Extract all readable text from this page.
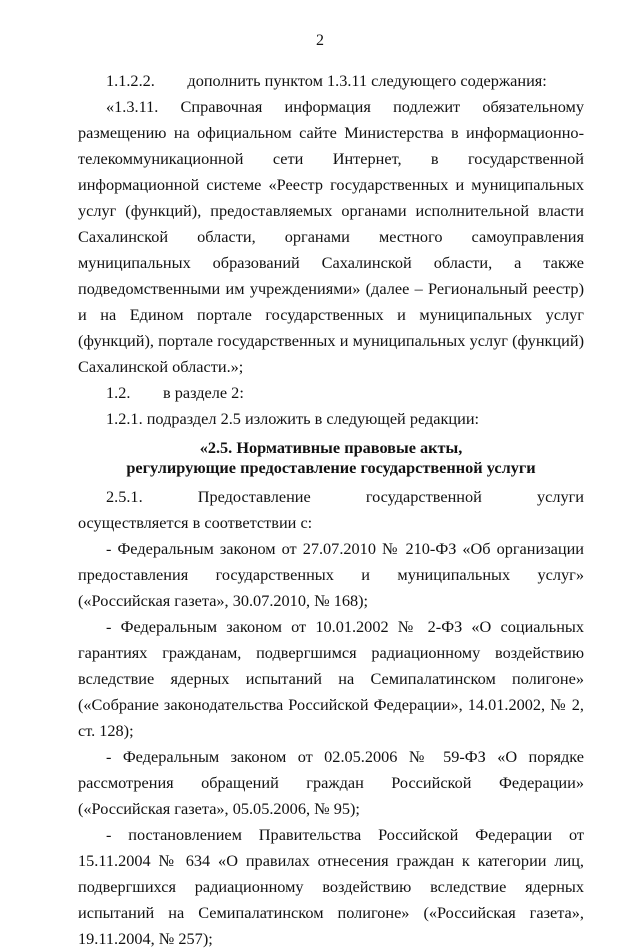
2

1.1.2.2.        дополнить пунктом 1.3.11 следующего содержания:

«1.3.11. Справочная информация подлежит обязательному размещению на официальном сайте Министерства в информационно-телекоммуникационной сети Интернет, в государственной информационной системе «Реестр государственных и муниципальных услуг (функций), предоставляемых органами исполнительной власти Сахалинской области, органами местного самоуправления муниципальных образований Сахалинской области, а также подведомственными им учреждениями» (далее – Региональный реестр) и на Едином портале государственных и муниципальных услуг (функций), портале государственных и муниципальных услуг (функций) Сахалинской области.»;

1.2.        в разделе 2:

1.2.1. подраздел 2.5 изложить в следующей редакции:

«2.5. Нормативные правовые акты,
регулирующие предоставление государственной услуги

2.5.1.    Предоставление    государственной    услуги    осуществляется в соответствии с:

- Федеральным законом от 27.07.2010 № 210-ФЗ «Об организации предоставления государственных и муниципальных услуг» («Российская газета», 30.07.2010, № 168);

- Федеральным законом от 10.01.2002 № 2-ФЗ «О социальных гарантиях гражданам, подвергшимся радиационному воздействию вследствие ядерных испытаний на Семипалатинском полигоне» («Собрание законодательства Российской Федерации», 14.01.2002, № 2, ст. 128);

- Федеральным законом от 02.05.2006 № 59-ФЗ «О порядке рассмотрения обращений граждан Российской Федерации» («Российская газета», 05.05.2006, № 95);

- постановлением Правительства Российской Федерации от 15.11.2004 № 634 «О правилах отнесения граждан к категории лиц, подвергшихся радиационному воздействию вследствие ядерных испытаний на Семипалатинском полигоне» («Российская газета», 19.11.2004, № 257);
